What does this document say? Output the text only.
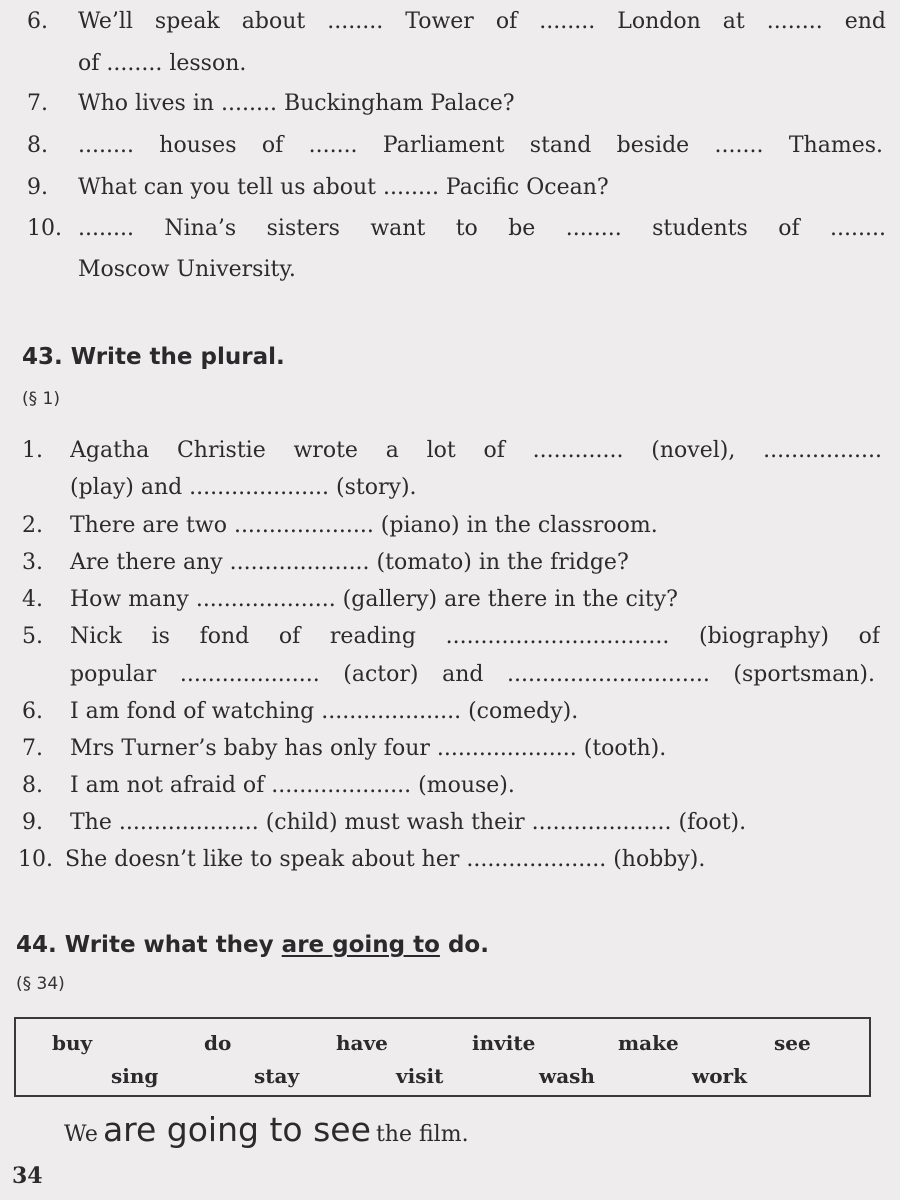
6. We’ll speak about ........ Tower of ........ London at ........ end
of ........ lesson.
7. Who lives in ........ Buckingham Palace?
8. ........ houses of ....... Parliament stand beside ....... Thames.
9. What can you tell us about ........ Pacific Ocean?
10. ........ Nina’s sisters want to be ........ students of ........
Moscow University.
43. Write the plural.
(§ 1)
1. Agatha Christie wrote a lot of ............. (novel), .................
(play) and .................... (story).
2. There are two .................... (piano) in the classroom.
3. Are there any .................... (tomato) in the fridge?
4. How many .................... (gallery) are there in the city?
5. Nick is fond of reading ................................ (biography) of
popular .................... (actor) and ............................. (sportsman).
6. I am fond of watching .................... (comedy).
7. Mrs Turner’s baby has only four .................... (tooth).
8. I am not afraid of .................... (mouse).
9. The .................... (child) must wash their .................... (foot).
10. She doesn’t like to speak about her .................... (hobby).
44. Write what they are going to do.
(§ 34)
buy	do	have	invite	make	see
sing	stay	visit	wash	work
We are going to see the film.
34
